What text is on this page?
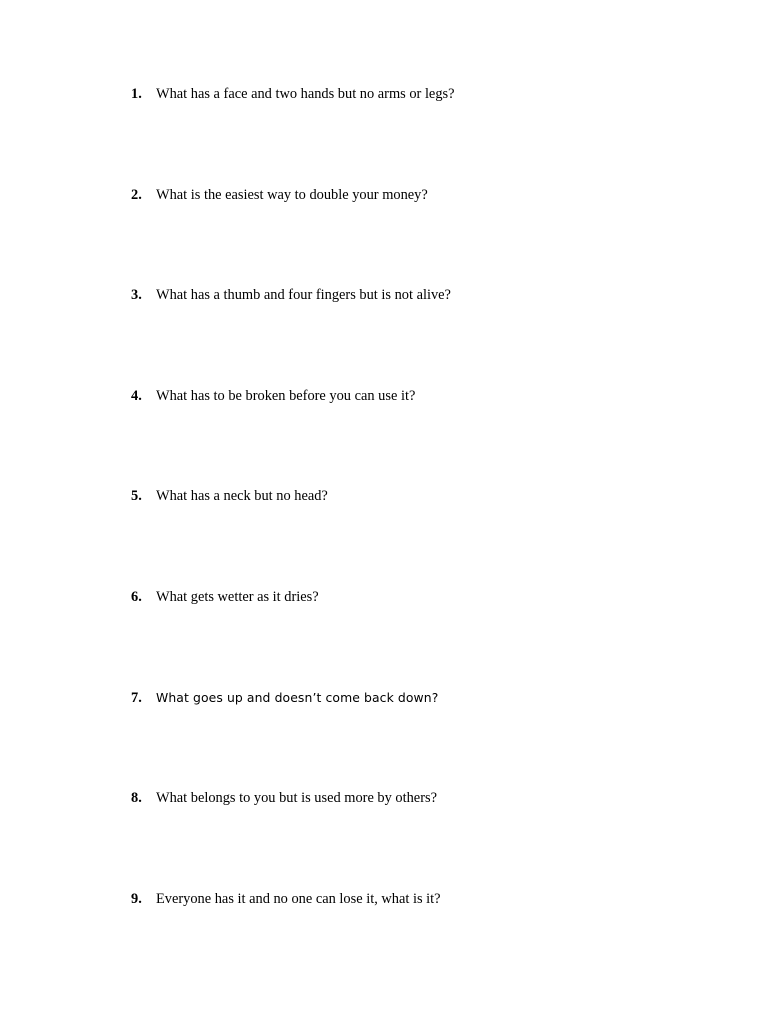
1. What has a face and two hands but no arms or legs?
2. What is the easiest way to double your money?
3. What has a thumb and four fingers but is not alive?
4. What has to be broken before you can use it?
5. What has a neck but no head?
6. What gets wetter as it dries?
7.	What goes up and doesn’t come back down?
8. What belongs to you but is used more by others?
9. Everyone has it and no one can lose it, what is it?
